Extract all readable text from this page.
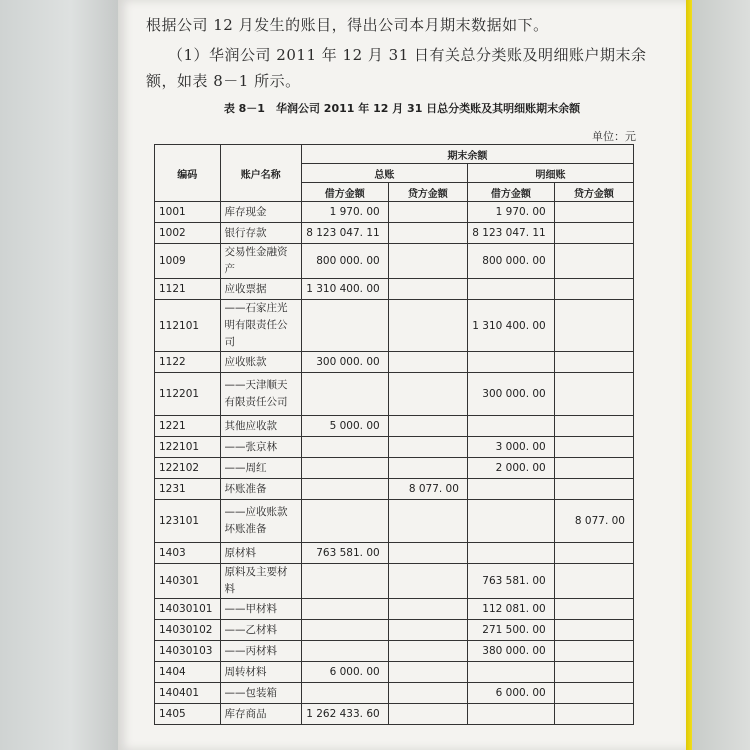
根据公司 12 月发生的账目，得出公司本月期末数据如下。
（1）华润公司 2011 年 12 月 31 日有关总分类账及明细账户期末余
额，如表 8－1 所示。
表 8－1　华润公司 2011 年 12 月 31 日总分类账及其明细账期末余额
单位：元
编码	账户名称	期末余额			
		总账		明细账	
		借方金额	贷方金额	借方金额	贷方金额
1001	库存现金	1 970. 00		1 970. 00	
1002	银行存款	8 123 047. 11		8 123 047. 11	
1009	交易性金融资产	800 000. 00		800 000. 00	
1121	应收票据	1 310 400. 00			
112101	——石家庄光明有限责任公司			1 310 400. 00	
1122	应收账款	300 000. 00			
112201	——天津顺天有限责任公司			300 000. 00	
1221	其他应收款	5 000. 00			
122101	——张京林			3 000. 00	
122102	——周红			2 000. 00	
1231	坏账准备		8 077. 00		
123101	——应收账款坏账准备				8 077. 00
1403	原材料	763 581. 00			
140301	原料及主要材料			763 581. 00	
14030101	——甲材料			112 081. 00	
14030102	——乙材料			271 500. 00	
14030103	——丙材料			380 000. 00	
1404	周转材料	6 000. 00			
140401	——包装箱			6 000. 00	
1405	库存商品	1 262 433. 60			
